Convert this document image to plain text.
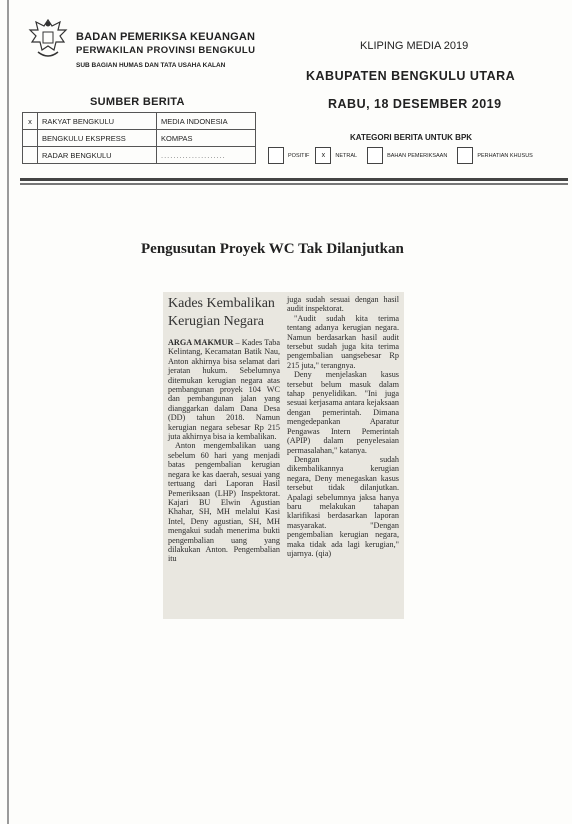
BADAN PEMERIKSA KEUANGAN
PERWAKILAN PROVINSI BENGKULU
SUB BAGIAN HUMAS DAN TATA USAHA KALAN
KLIPING MEDIA 2019
KABUPATEN BENGKULU UTARA
RABU, 18 DESEMBER 2019
SUMBER BERITA
x	RAKYAT BENGKULU	MEDIA INDONESIA
	BENGKULU EKSPRESS	KOMPAS
	RADAR BENGKULU	.....................
KATEGORI BERITA UNTUK BPK
POSITIF	x	NETRAL	BAHAN PEMERIKSAAN	PERHATIAN KHUSUS
Pengusutan Proyek WC Tak Dilanjutkan
Kades Kembalikan Kerugian Negara

ARGA MAKMUR – Kades Taba Kelintang, Kecamatan Batik Nau, Anton akhirnya bisa selamat dari jeratan hukum. Sebelumnya ditemukan kerugian negara atas pembangunan proyek 104 WC dan pembangunan jalan yang dianggarkan dalam Dana Desa (DD) tahun 2018. Namun kerugian negara sebesar Rp 215 juta akhirnya bisa ia kembalikan.

Anton mengembalikan uang sebelum 60 hari yang menjadi batas pengembalian kerugian negara ke kas daerah, sesuai yang tertuang dari Laporan Hasil Pemeriksaan (LHP) Inspektorat. Kajari BU Elwin Agustian Khahar, SH, MH melalui Kasi Intel, Deny agustian, SH, MH mengakui sudah menerima bukti pengembalian uang yang dilakukan Anton. Pengembalian itu

juga sudah sesuai dengan hasil audit inspektorat.

"Audit sudah kita terima tentang adanya kerugian negara. Namun berdasarkan hasil audit tersebut sudah juga kita terima pengembalian uangsebesar Rp 215 juta," terangnya.

Deny menjelaskan kasus tersebut belum masuk dalam tahap penyelidikan. "Ini juga sesuai kerjasama antara kejaksaan dengan pemerintah. Dimana mengedepankan Aparatur Pengawas Intern Pemerintah (APIP) dalam penyelesaian permasalahan," katanya.

Dengan sudah dikembalikannya kerugian negara, Deny menegaskan kasus tersebut tidak dilanjutkan. Apalagi sebelumnya jaksa hanya baru melakukan tahapan klarifikasi berdasarkan laporan masyarakat. "Dengan pengembalian kerugian negara, maka tidak ada lagi kerugian," ujarnya. (qia)
